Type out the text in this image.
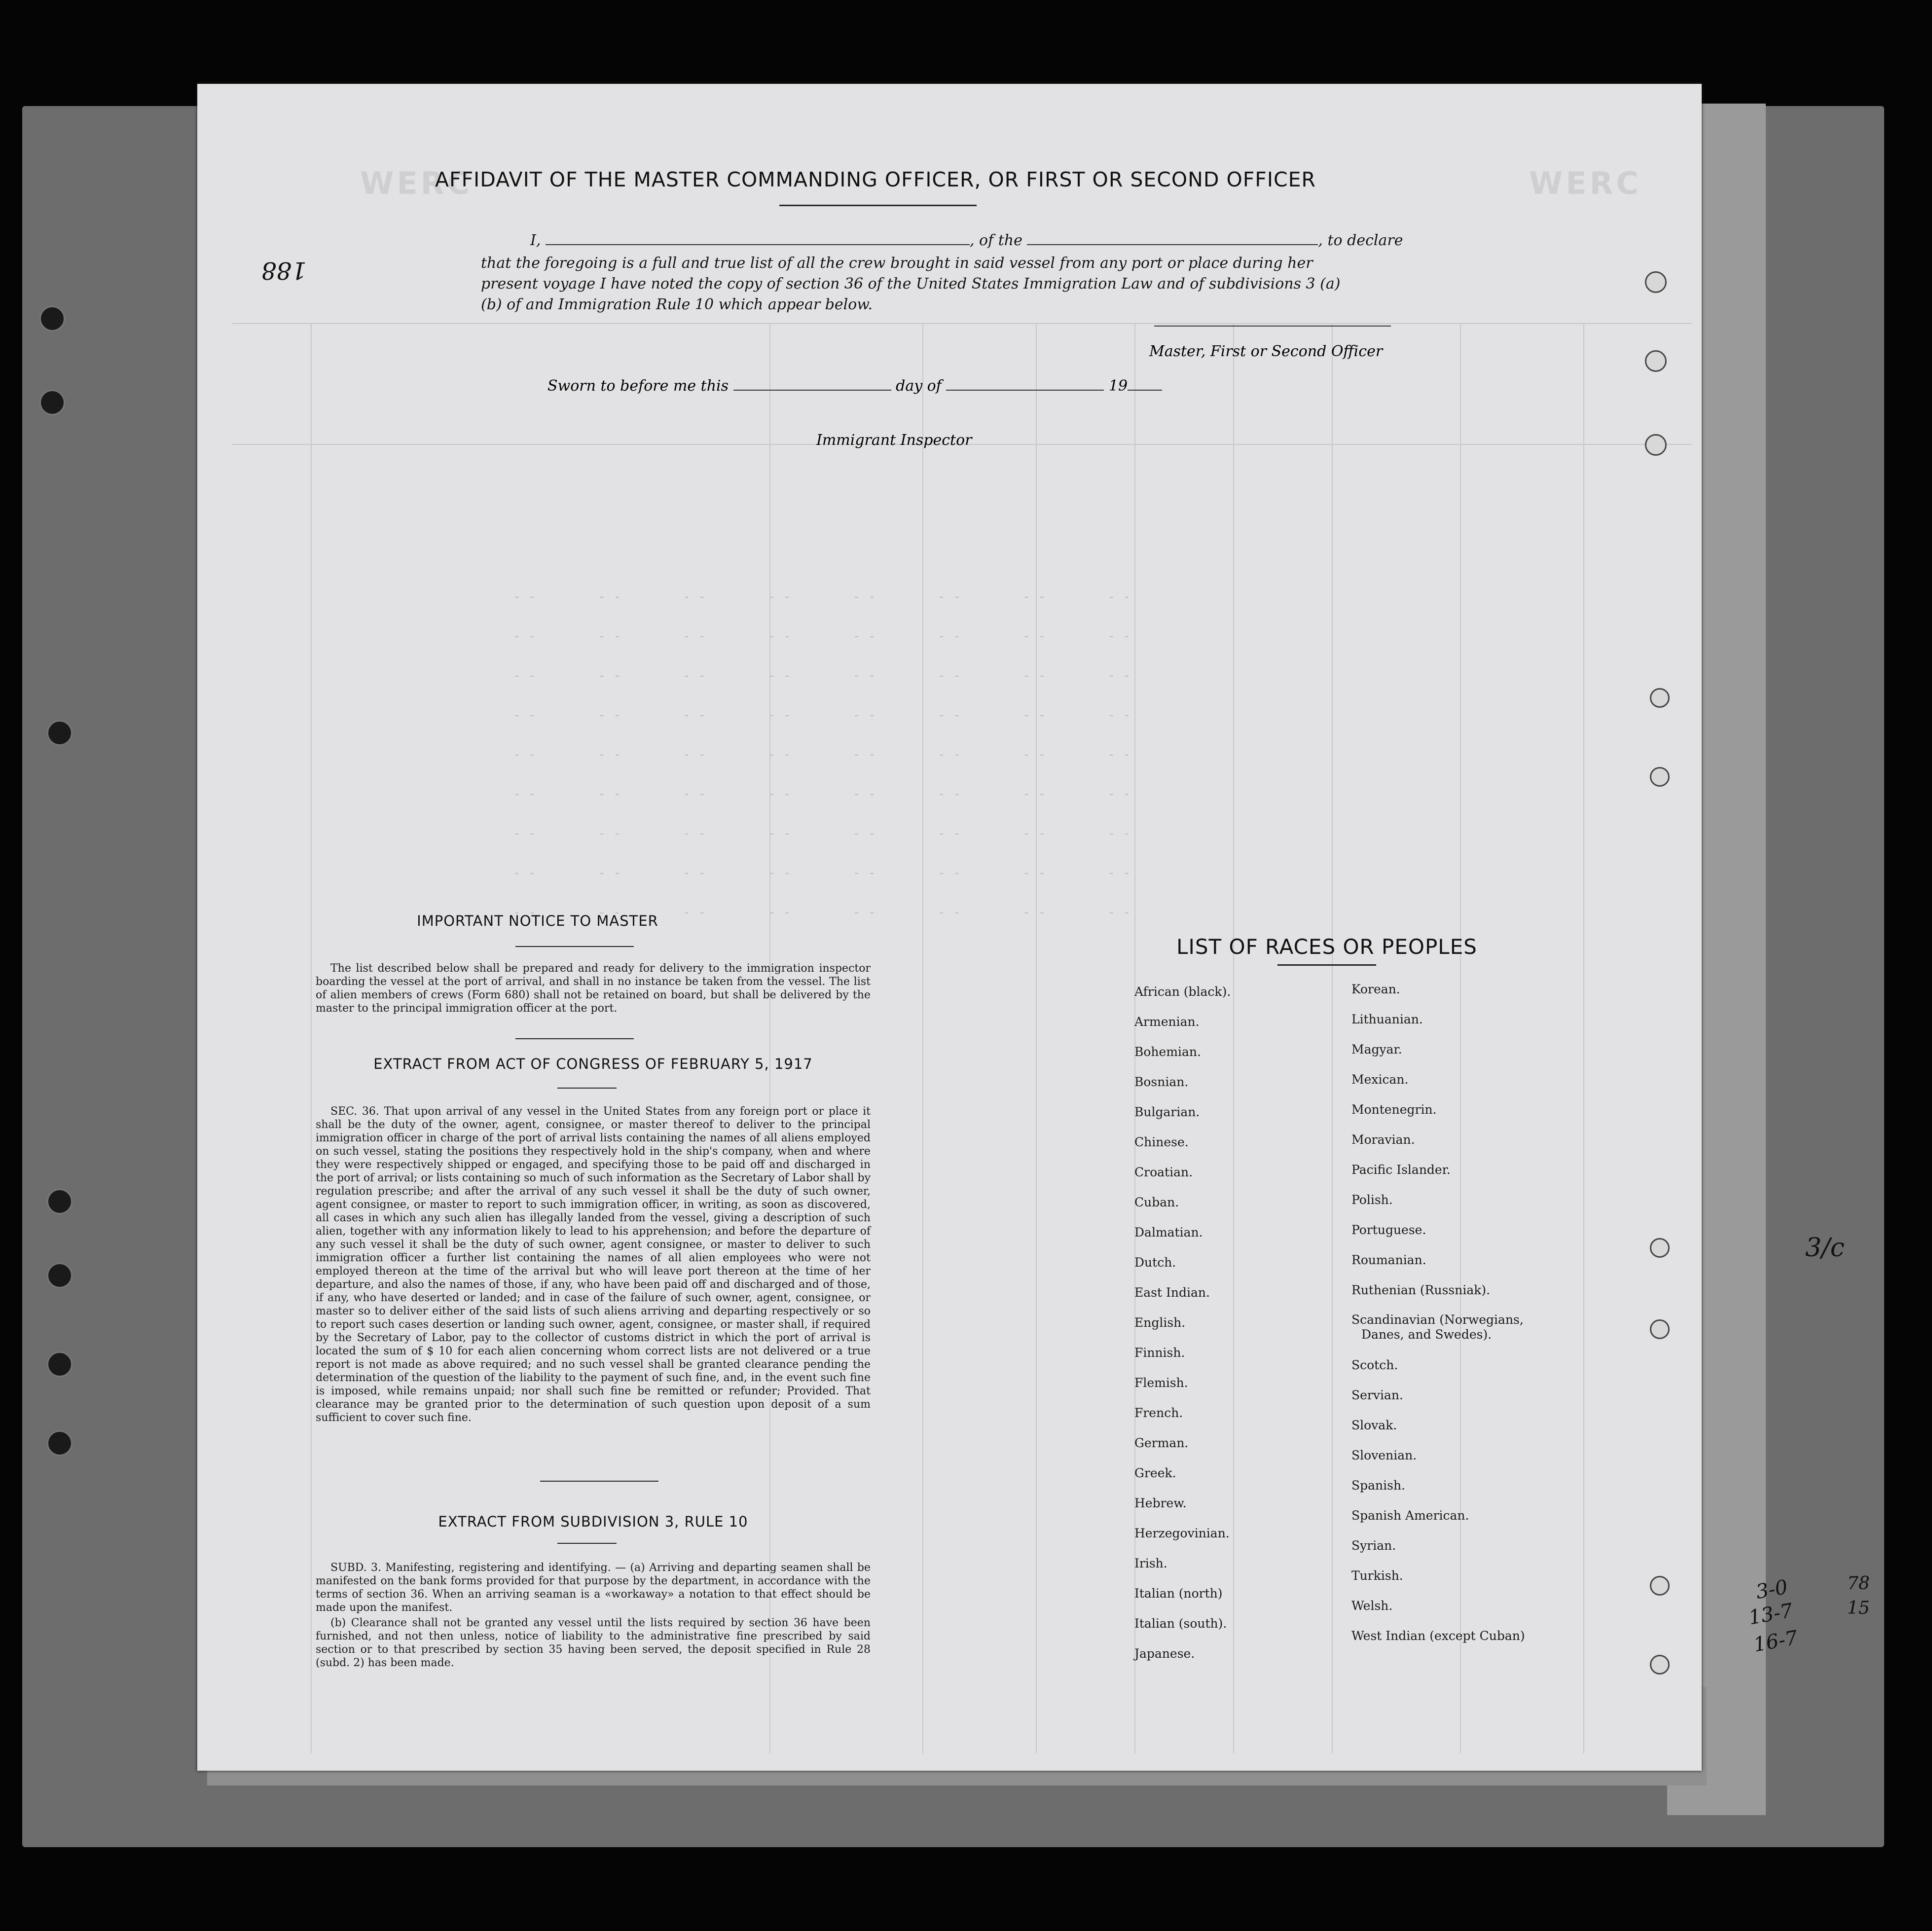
WERC	WERC
- -        - -        - -        - -        - -        - -        - -        - -
- -        - -        - -        - -        - -        - -        - -        - -
- -        - -        - -        - -        - -        - -        - -        - -
- -        - -        - -        - -        - -        - -        - -        - -
- -        - -        - -        - -        - -        - -        - -        - -
- -        - -        - -        - -        - -        - -        - -        - -
- -        - -        - -        - -        - -        - -        - -        - -
- -        - -        - -        - -        - -        - -        - -        - -
- -        - -        - -        - -        - -        - -        - -        - -
AFFIDAVIT OF THE MASTER COMMANDING OFFICER, OR FIRST OR SECOND OFFICER
I,	, of the	, to declare
that the foregoing is a full and true list of all the crew brought in said vessel from any port or place during her
present voyage I have noted the copy of section 36 of the United States Immigration Law and of subdivisions 3 (a)
(b) of and Immigration Rule 10 which appear below.
Master, First or Second Officer
Sworn to before me this	day of	19
Immigrant Inspector
IMPORTANT NOTICE TO MASTER

The list described below shall be prepared and ready for delivery to the immigration inspector boarding the vessel at the port of arrival, and shall in no instance be taken from the vessel. The list of alien members of crews (Form 680) shall not be retained on board, but shall be delivered by the master to the principal immigration officer at the port.

EXTRACT FROM ACT OF CONGRESS OF FEBRUARY 5, 1917

SEC. 36. That upon arrival of any vessel in the United States from any foreign port or place it shall be the duty of the owner, agent, consignee, or master thereof to deliver to the principal immigration officer in charge of the port of arrival lists containing the names of all aliens employed on such vessel, stating the positions they respectively hold in the ship's company, when and where they were respectively shipped or engaged, and specifying those to be paid off and discharged in the port of arrival; or lists containing so much of such information as the Secretary of Labor shall by regulation prescribe; and after the arrival of any such vessel it shall be the duty of such owner, agent consignee, or master to report to such immigration officer, in writing, as soon as discovered, all cases in which any such alien has illegally landed from the vessel, giving a description of such alien, together with any information likely to lead to his apprehension; and before the departure of any such vessel it shall be the duty of such owner, agent consignee, or master to deliver to such immigration officer a further list containing the names of all alien employees who were not employed thereon at the time of the arrival but who will leave port thereon at the time of her departure, and also the names of those, if any, who have been paid off and discharged and of those, if any, who have deserted or landed; and in case of the failure of such owner, agent, consignee, or master so to deliver either of the said lists of such aliens arriving and departing respectively or so to report such cases desertion or landing such owner, agent, consignee, or master shall, if required by the Secretary of Labor, pay to the collector of customs district in which the port of arrival is located the sum of $ 10 for each alien concerning whom correct lists are not delivered or a true report is not made as above required; and no such vessel shall be granted clearance pending the determination of the question of the liability to the payment of such fine, and, in the event such fine is imposed, while remains unpaid; nor shall such fine be remitted or refunder; Provided. That clearance may be granted prior to the determination of such question upon deposit of a sum sufficient to cover such fine.

EXTRACT FROM SUBDIVISION 3, RULE 10

SUBD. 3. Manifesting, registering and identifying. — (a) Arriving and departing seamen shall be manifested on the bank forms provided for that purpose by the department, in accordance with the terms of section 36. When an arriving seaman is a «workaway» a notation to that effect should be made upon the manifest.

(b) Clearance shall not be granted any vessel until the lists required by section 36 have been furnished, and not then unless, notice of liability to the administrative fine prescribed by said section or to that prescribed by section 35 having been served, the deposit specified in Rule 28 (subd. 2) has been made.

LIST OF RACES OR PEOPLES
African (black).
Armenian.
Bohemian.
Bosnian.
Bulgarian.
Chinese.
Croatian.
Cuban.
Dalmatian.
Dutch.
East Indian.
English.
Finnish.
Flemish.
French.
German.
Greek.
Hebrew.
Herzegovinian.
Irish.
Italian (north)
Italian (south).
Japanese.
Korean.
Lithuanian.
Magyar.
Mexican.
Montenegrin.
Moravian.
Pacific Islander.
Polish.
Portuguese.
Roumanian.
Ruthenian (Russniak).
Scandinavian (Norwegians,
Danes, and Swedes).
Scotch.
Servian.
Slovak.
Slovenian.
Spanish.
Spanish American.
Syrian.
Turkish.
Welsh.
West Indian (except Cuban)
188
3/c
3-0
13-7
16-7
78
15
